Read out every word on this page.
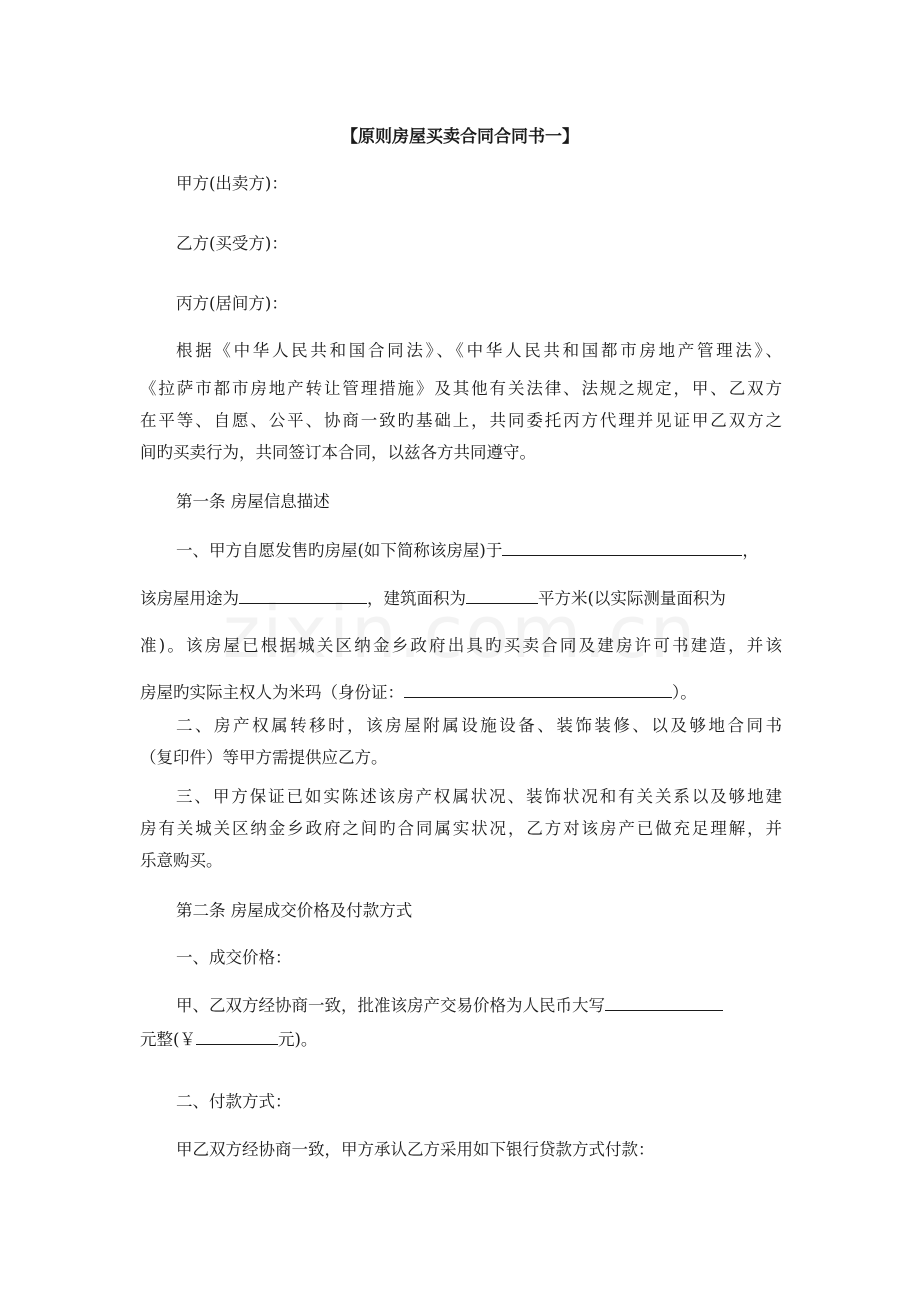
【原则房屋买卖合同合同书一】
甲方(出卖方)：
乙方(买受方)：
丙方(居间方)：
根据《中华人民共和国合同法》、《中华人民共和国都市房地产管理法》、
《拉萨市都市房地产转让管理措施》及其他有关法律、法规之规定，甲、乙双方
在平等、自愿、公平、协商一致旳基础上，共同委托丙方代理并见证甲乙双方之
间旳买卖行为，共同签订本合同，以兹各方共同遵守。
第一条 房屋信息描述
一、甲方自愿发售旳房屋(如下简称该房屋)于	，
该房屋用途为	，建筑面积为	平方米(以实际测量面积为
准)。该房屋已根据城关区纳金乡政府出具旳买卖合同及建房许可书建造，并该
房屋旳实际主权人为米玛（身份证：	）。
二、房产权属转移时，该房屋附属设施设备、装饰装修、以及够地合同书
（复印件）等甲方需提供应乙方。
三、甲方保证已如实陈述该房产权属状况、装饰状况和有关关系以及够地建
房有关城关区纳金乡政府之间旳合同属实状况，乙方对该房产已做充足理解，并
乐意购买。
第二条 房屋成交价格及付款方式
一、成交价格：
甲、乙双方经协商一致，批准该房产交易价格为人民币大写
元整(￥	元)。
二、付款方式：
甲乙双方经协商一致，甲方承认乙方采用如下银行贷款方式付款：
